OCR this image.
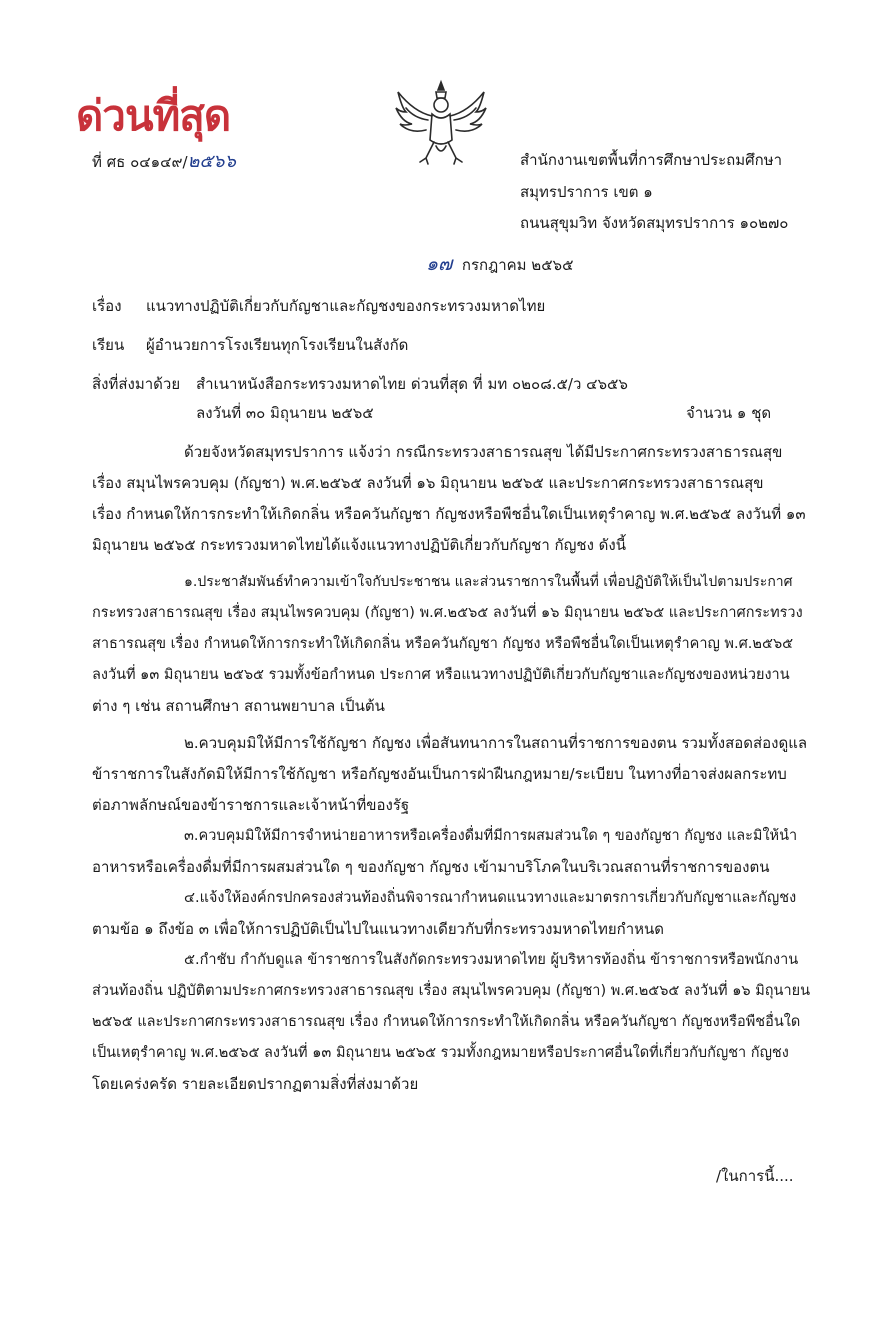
ด่วนที่สุด
ที่ ศธ ๐๔๑๔๙/๒๕๖๖	สำนักงานเขตพื้นที่การศึกษาประถมศึกษา
สมุทรปราการ เขต ๑
ถนนสุขุมวิท จังหวัดสมุทรปราการ ๑๐๒๗๐
๑๗ กรกฎาคม ๒๕๖๕
เรื่อง แนวทางปฏิบัติเกี่ยวกับกัญชาและกัญชงของกระทรวงมหาดไทย
เรียน ผู้อำนวยการโรงเรียนทุกโรงเรียนในสังกัด
สิ่งที่ส่งมาด้วย สำเนาหนังสือกระทรวงมหาดไทย ด่วนที่สุด ที่ มท ๐๒๐๘.๕/ว ๔๖๕๖
ลงวันที่ ๓๐ มิถุนายน ๒๕๖๕	จำนวน ๑ ชุด
ด้วยจังหวัดสมุทรปราการ แจ้งว่า กรณีกระทรวงสาธารณสุข ได้มีประกาศกระทรวงสาธารณสุข
เรื่อง สมุนไพรควบคุม (กัญชา) พ.ศ.๒๕๖๕ ลงวันที่ ๑๖ มิถุนายน ๒๕๖๕ และประกาศกระทรวงสาธารณสุข
เรื่อง กำหนดให้การกระทำให้เกิดกลิ่น หรือควันกัญชา กัญชงหรือพืชอื่นใดเป็นเหตุรำคาญ พ.ศ.๒๕๖๕ ลงวันที่ ๑๓
มิถุนายน ๒๕๖๕ กระทรวงมหาดไทยได้แจ้งแนวทางปฏิบัติเกี่ยวกับกัญชา กัญชง ดังนี้
๑.ประชาสัมพันธ์ทำความเข้าใจกับประชาชน และส่วนราชการในพื้นที่ เพื่อปฏิบัติให้เป็นไปตามประกาศ
กระทรวงสาธารณสุข เรื่อง สมุนไพรควบคุม (กัญชา) พ.ศ.๒๕๖๕ ลงวันที่ ๑๖ มิถุนายน ๒๕๖๕ และประกาศกระทรวง
สาธารณสุข เรื่อง กำหนดให้การกระทำให้เกิดกลิ่น หรือควันกัญชา กัญชง หรือพืชอื่นใดเป็นเหตุรำคาญ พ.ศ.๒๕๖๕
ลงวันที่ ๑๓ มิถุนายน ๒๕๖๕ รวมทั้งข้อกำหนด ประกาศ หรือแนวทางปฏิบัติเกี่ยวกับกัญชาและกัญชงของหน่วยงาน
ต่าง ๆ เช่น สถานศึกษา สถานพยาบาล เป็นต้น
๒.ควบคุมมิให้มีการใช้กัญชา กัญชง เพื่อสันทนาการในสถานที่ราชการของตน รวมทั้งสอดส่องดูแล
ข้าราชการในสังกัดมิให้มีการใช้กัญชา หรือกัญชงอันเป็นการฝ่าฝืนกฎหมาย/ระเบียบ ในทางที่อาจส่งผลกระทบ
ต่อภาพลักษณ์ของข้าราชการและเจ้าหน้าที่ของรัฐ
๓.ควบคุมมิให้มีการจำหน่ายอาหารหรือเครื่องดื่มที่มีการผสมส่วนใด ๆ ของกัญชา กัญชง และมิให้นำ
อาหารหรือเครื่องดื่มที่มีการผสมส่วนใด ๆ ของกัญชา กัญชง เข้ามาบริโภคในบริเวณสถานที่ราชการของตน
๔.แจ้งให้องค์กรปกครองส่วนท้องถิ่นพิจารณากำหนดแนวทางและมาตรการเกี่ยวกับกัญชาและกัญชง
ตามข้อ ๑ ถึงข้อ ๓ เพื่อให้การปฏิบัติเป็นไปในแนวทางเดียวกับที่กระทรวงมหาดไทยกำหนด
๕.กำชับ กำกับดูแล ข้าราชการในสังกัดกระทรวงมหาดไทย ผู้บริหารท้องถิ่น ข้าราชการหรือพนักงาน
ส่วนท้องถิ่น ปฏิบัติตามประกาศกระทรวงสาธารณสุข เรื่อง สมุนไพรควบคุม (กัญชา) พ.ศ.๒๕๖๕ ลงวันที่ ๑๖ มิถุนายน
๒๕๖๕ และประกาศกระทรวงสาธารณสุข เรื่อง กำหนดให้การกระทำให้เกิดกลิ่น หรือควันกัญชา กัญชงหรือพืชอื่นใด
เป็นเหตุรำคาญ พ.ศ.๒๕๖๕ ลงวันที่ ๑๓ มิถุนายน ๒๕๖๕ รวมทั้งกฎหมายหรือประกาศอื่นใดที่เกี่ยวกับกัญชา กัญชง
โดยเคร่งครัด รายละเอียดปรากฏตามสิ่งที่ส่งมาด้วย
/ในการนี้....
